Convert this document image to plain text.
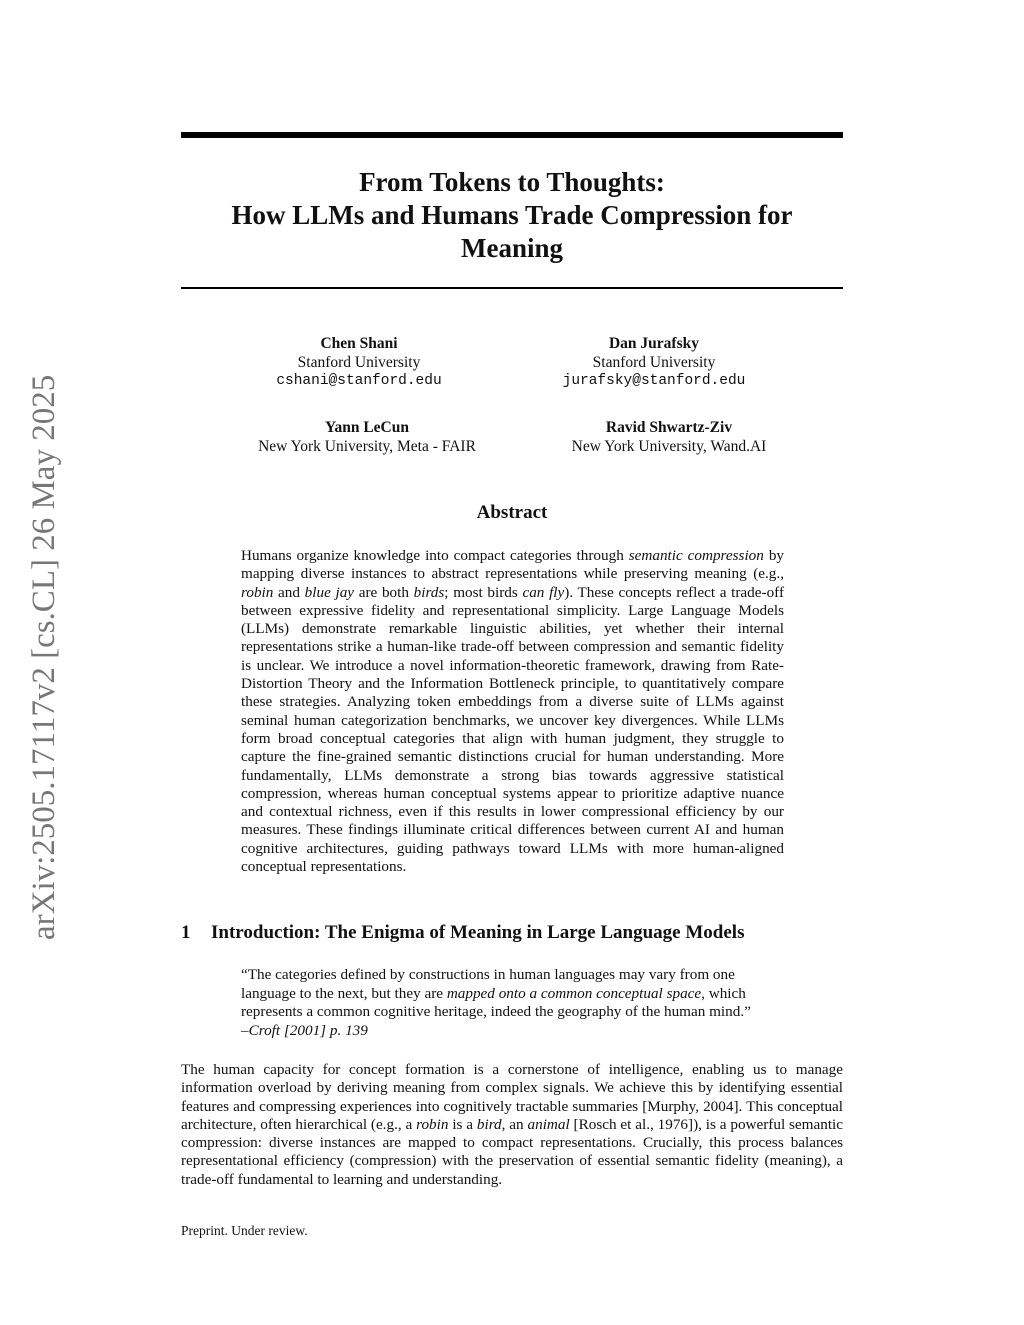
arXiv:2505.17117v2 [cs.CL] 26 May 2025
From Tokens to Thoughts:
How LLMs and Humans Trade Compression for
Meaning
Chen Shani
Stanford University
cshani@stanford.edu
Dan Jurafsky
Stanford University
jurafsky@stanford.edu
Yann LeCun
New York University, Meta - FAIR
Ravid Shwartz-Ziv
New York University, Wand.AI
Abstract
Humans organize knowledge into compact categories through semantic compression by mapping diverse instances to abstract representations while preserving meaning (e.g., robin and blue jay are both birds; most birds can fly). These concepts reflect a trade-off between expressive fidelity and representational simplicity. Large Language Models (LLMs) demonstrate remarkable linguistic abilities, yet whether their internal representations strike a human-like trade-off between compression and semantic fidelity is unclear. We introduce a novel information-theoretic framework, drawing from Rate-Distortion Theory and the Information Bottleneck principle, to quantitatively compare these strategies. Analyzing token embeddings from a diverse suite of LLMs against seminal human categorization benchmarks, we uncover key divergences. While LLMs form broad conceptual categories that align with human judgment, they struggle to capture the fine-grained semantic distinctions crucial for human understanding. More fundamentally, LLMs demonstrate a strong bias towards aggressive statistical compression, whereas human conceptual systems appear to prioritize adaptive nuance and contextual richness, even if this results in lower compressional efficiency by our measures. These findings illuminate critical differences between current AI and human cognitive architectures, guiding pathways toward LLMs with more human-aligned conceptual representations.
1 Introduction: The Enigma of Meaning in Large Language Models
“The categories defined by constructions in human languages may vary from one language to the next, but they are mapped onto a common conceptual space, which represents a common cognitive heritage, indeed the geography of the human mind.”
–Croft [2001] p. 139
The human capacity for concept formation is a cornerstone of intelligence, enabling us to manage information overload by deriving meaning from complex signals. We achieve this by identifying essential features and compressing experiences into cognitively tractable summaries [Murphy, 2004]. This conceptual architecture, often hierarchical (e.g., a robin is a bird, an animal [Rosch et al., 1976]), is a powerful semantic compression: diverse instances are mapped to compact representations. Crucially, this process balances representational efficiency (compression) with the preservation of essential semantic fidelity (meaning), a trade-off fundamental to learning and understanding.
Preprint. Under review.
